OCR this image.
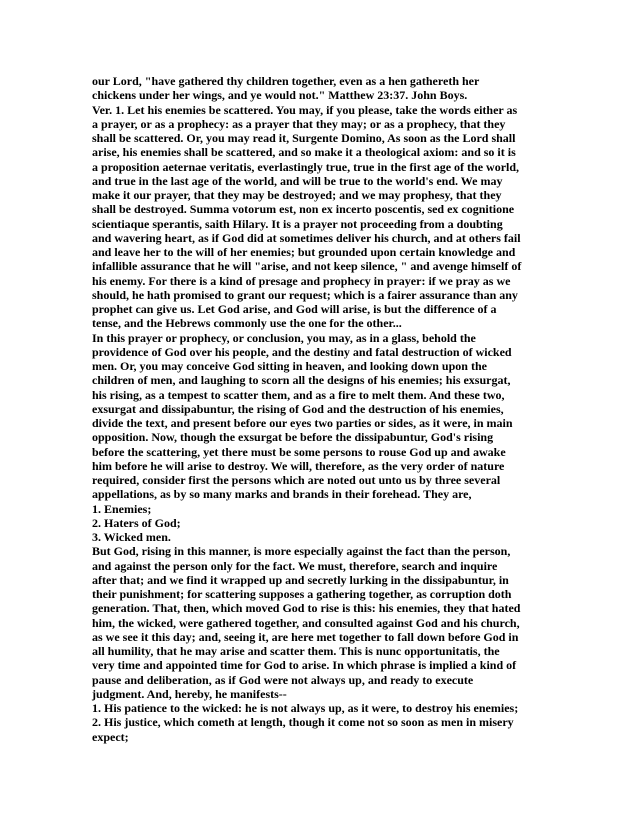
our Lord, "have gathered thy children together, even as a hen gathereth her
chickens under her wings, and ye would not." Matthew 23:37. John Boys.
Ver. 1. Let his enemies be scattered. You may, if you please, take the words either as
a prayer, or as a prophecy: as a prayer that they may; or as a prophecy, that they
shall be scattered. Or, you may read it, Surgente Domino, As soon as the Lord shall
arise, his enemies shall be scattered, and so make it a theological axiom: and so it is
a proposition aeternae veritatis, everlastingly true, true in the first age of the world,
and true in the last age of the world, and will be true to the world's end. We may
make it our prayer, that they may be destroyed; and we may prophesy, that they
shall be destroyed. Summa votorum est, non ex incerto poscentis, sed ex cognitione
scientiaque sperantis, saith Hilary. It is a prayer not proceeding from a doubting
and wavering heart, as if God did at sometimes deliver his church, and at others fail
and leave her to the will of her enemies; but grounded upon certain knowledge and
infallible assurance that he will "arise, and not keep silence, " and avenge himself of
his enemy. For there is a kind of presage and prophecy in prayer: if we pray as we
should, he hath promised to grant our request; which is a fairer assurance than any
prophet can give us. Let God arise, and God will arise, is but the difference of a
tense, and the Hebrews commonly use the one for the other...
In this prayer or prophecy, or conclusion, you may, as in a glass, behold the
providence of God over his people, and the destiny and fatal destruction of wicked
men. Or, you may conceive God sitting in heaven, and looking down upon the
children of men, and laughing to scorn all the designs of his enemies; his exsurgat,
his rising, as a tempest to scatter them, and as a fire to melt them. And these two,
exsurgat and dissipabuntur, the rising of God and the destruction of his enemies,
divide the text, and present before our eyes two parties or sides, as it were, in main
opposition. Now, though the exsurgat be before the dissipabuntur, God's rising
before the scattering, yet there must be some persons to rouse God up and awake
him before he will arise to destroy. We will, therefore, as the very order of nature
required, consider first the persons which are noted out unto us by three several
appellations, as by so many marks and brands in their forehead. They are,
1. Enemies;
2. Haters of God;
3. Wicked men.
But God, rising in this manner, is more especially against the fact than the person,
and against the person only for the fact. We must, therefore, search and inquire
after that; and we find it wrapped up and secretly lurking in the dissipabuntur, in
their punishment; for scattering supposes a gathering together, as corruption doth
generation. That, then, which moved God to rise is this: his enemies, they that hated
him, the wicked, were gathered together, and consulted against God and his church,
as we see it this day; and, seeing it, are here met together to fall down before God in
all humility, that he may arise and scatter them. This is nunc opportunitatis, the
very time and appointed time for God to arise. In which phrase is implied a kind of
pause and deliberation, as if God were not always up, and ready to execute
judgment. And, hereby, he manifests--
1. His patience to the wicked: he is not always up, as it were, to destroy his enemies;
2. His justice, which cometh at length, though it come not so soon as men in misery
expect;
